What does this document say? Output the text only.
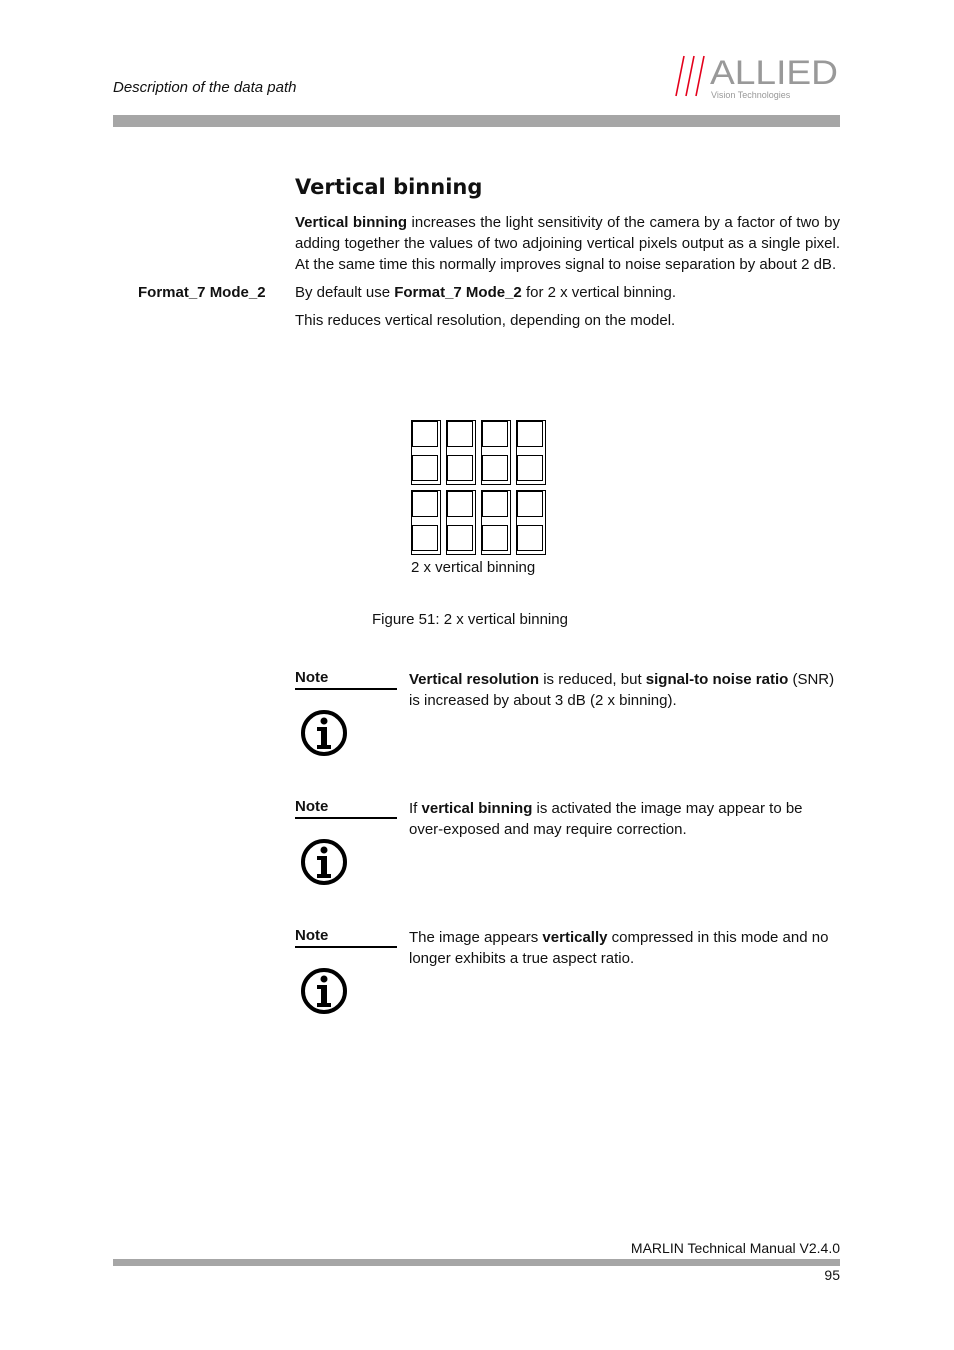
Description of the data path	ALLIED
Vision Technologies
Vertical binning
Vertical binning increases the light sensitivity of the camera by a factor of two by adding together the values of two adjoining vertical pixels output as a single pixel. At the same time this normally improves signal to noise separation by about 2 dB.
Format_7 Mode_2	By default use Format_7 Mode_2 for 2 x vertical binning.
This reduces vertical resolution, depending on the model.
2 x vertical binning
Figure 51: 2 x vertical binning
Note	Vertical resolution is reduced, but signal-to noise ratio (SNR) is increased by about 3 dB (2 x binning).
Note	If vertical binning is activated the image may appear to be over-exposed and may require correction.
Note	The image appears vertically compressed in this mode and no longer exhibits a true aspect ratio.
MARLIN Technical Manual V2.4.0
95
